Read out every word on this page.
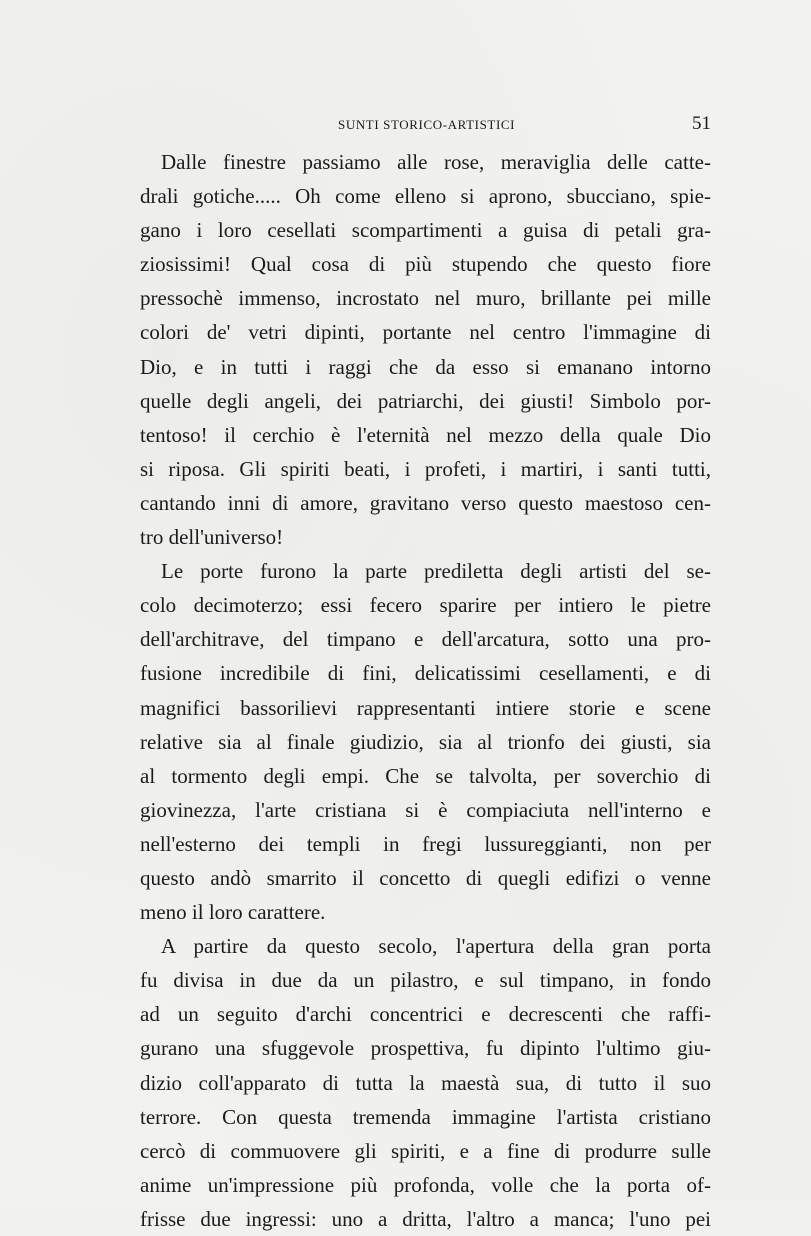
SUNTI STORICO-ARTISTICI	51
Dalle finestre passiamo alle rose, meraviglia delle catte-
drali gotiche..... Oh come elleno si aprono, sbucciano, spie-
gano i loro cesellati scompartimenti a guisa di petali gra-
ziosissimi! Qual cosa di più stupendo che questo fiore
pressochè immenso, incrostato nel muro, brillante pei mille
colori de' vetri dipinti, portante nel centro l'immagine di
Dio, e in tutti i raggi che da esso si emanano intorno
quelle degli angeli, dei patriarchi, dei giusti! Simbolo por-
tentoso! il cerchio è l'eternità nel mezzo della quale Dio
si riposa. Gli spiriti beati, i profeti, i martiri, i santi tutti,
cantando inni di amore, gravitano verso questo maestoso cen-
tro dell'universo!
Le porte furono la parte prediletta degli artisti del se-
colo decimoterzo; essi fecero sparire per intiero le pietre
dell'architrave, del timpano e dell'arcatura, sotto una pro-
fusione incredibile di fini, delicatissimi cesellamenti, e di
magnifici bassorilievi rappresentanti intiere storie e scene
relative sia al finale giudizio, sia al trionfo dei giusti, sia
al tormento degli empi. Che se talvolta, per soverchio di
giovinezza, l'arte cristiana si è compiaciuta nell'interno e
nell'esterno dei templi in fregi lussureggianti, non per
questo andò smarrito il concetto di quegli edifizi o venne
meno il loro carattere.
A partire da questo secolo, l'apertura della gran porta
fu divisa in due da un pilastro, e sul timpano, in fondo
ad un seguito d'archi concentrici e decrescenti che raffi-
gurano una sfuggevole prospettiva, fu dipinto l'ultimo giu-
dizio coll'apparato di tutta la maestà sua, di tutto il suo
terrore. Con questa tremenda immagine l'artista cristiano
cercò di commuovere gli spiriti, e a fine di produrre sulle
anime un'impressione più profonda, volle che la porta of-
frisse due ingressi: uno a dritta, l'altro a manca; l'uno pei
